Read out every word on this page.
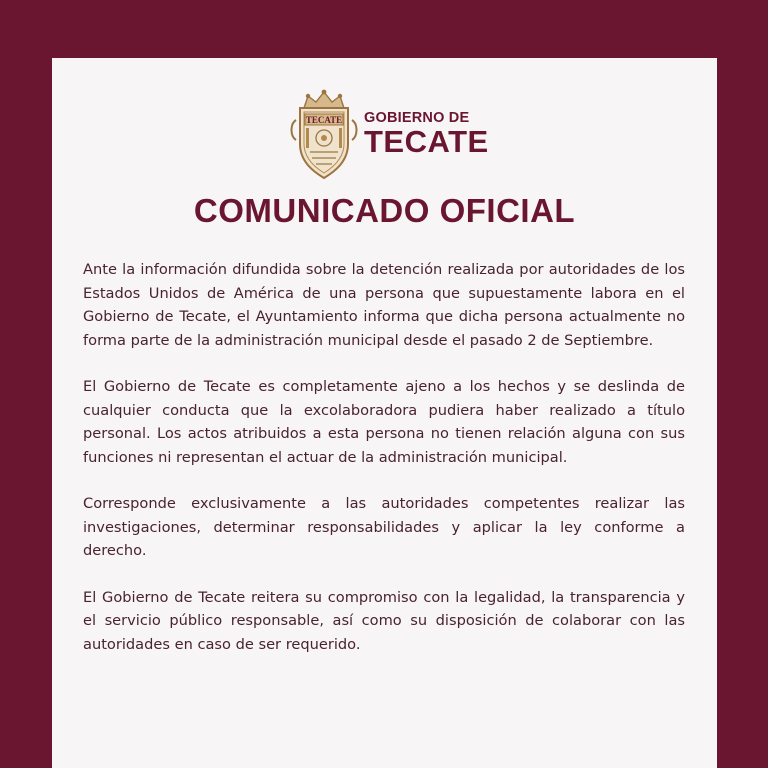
TECATE GOBIERNO DE
TECATE
COMUNICADO OFICIAL

Ante la información difundida sobre la detención realizada por autoridades de los Estados Unidos de América de una persona que supuestamente labora en el Gobierno de Tecate, el Ayuntamiento informa que dicha persona actualmente no forma parte de la administración municipal desde el pasado 2 de Septiembre.

El Gobierno de Tecate es completamente ajeno a los hechos y se deslinda de cualquier conducta que la excolaboradora pudiera haber realizado a título personal. Los actos atribuidos a esta persona no tienen relación alguna con sus funciones ni representan el actuar de la administración municipal.

Corresponde exclusivamente a las autoridades competentes realizar las investigaciones, determinar responsabilidades y aplicar la ley conforme a derecho.

El Gobierno de Tecate reitera su compromiso con la legalidad, la transparencia y el servicio público responsable, así como su disposición de colaborar con las autoridades en caso de ser requerido.
